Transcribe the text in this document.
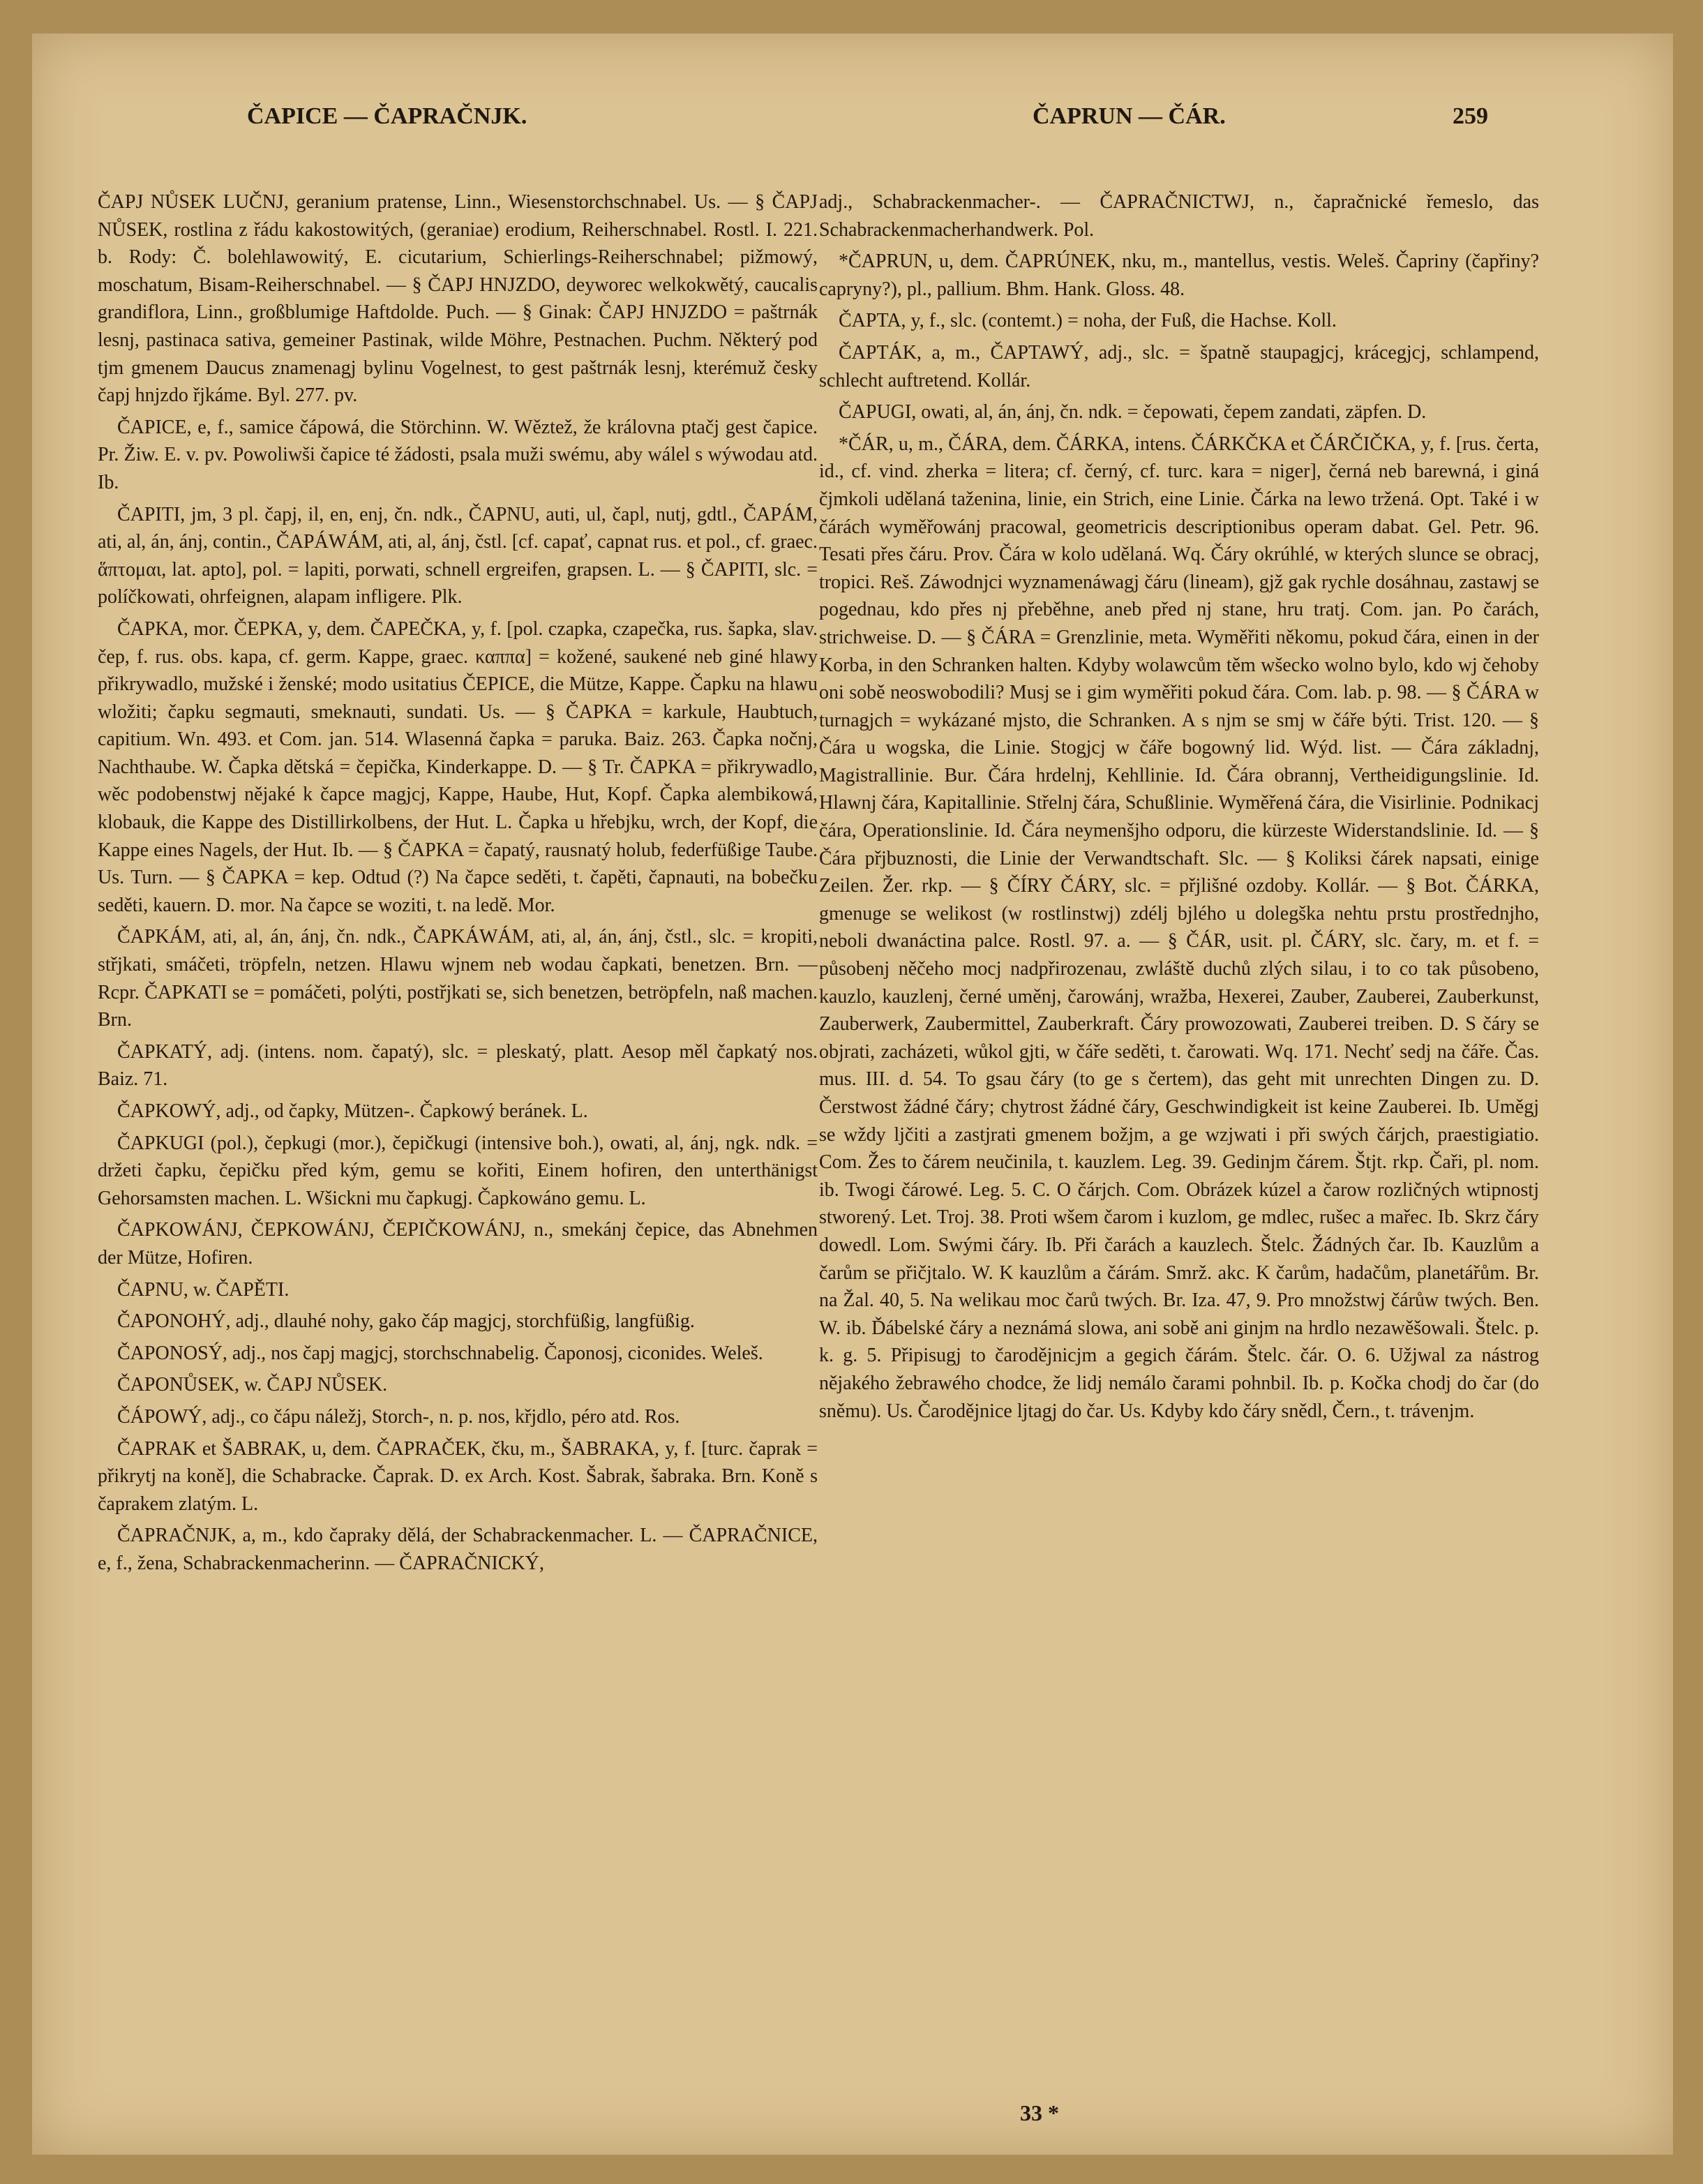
ČAPICE — ČAPRAČNJK.	ČAPRUN — ČÁR.	259

ČAPJ NŮSEK LUČNJ, geranium pratense, Linn., Wiesenstorchschnabel. Us. — § ČAPJ NŮSEK, rostlina z řádu kakostowitých, (geraniae) erodium, Reiherschnabel. Rostl. I. 221. b. Rody: Č. bolehlawowitý, E. cicutarium, Schierlings-Reiherschnabel; pižmowý, moschatum, Bisam-Reiherschnabel. — § ČAPJ HNJZDO, deyworec welkokwětý, caucalis grandiflora, Linn., großblumige Haftdolde. Puch. — § Ginak: ČAPJ HNJZDO = paštrnák lesnj, pastinaca sativa, gemeiner Pastinak, wilde Möhre, Pestnachen. Puchm. Některý pod tjm gmenem Daucus znamenagj bylinu Vogelnest, to gest paštrnák lesnj, kterémuž česky čapj hnjzdo řjkáme. Byl. 277. pv.

ČAPICE, e, f., samice čápowá, die Störchinn. W. Wěztež, že královna ptačj gest čapice. Pr. Žiw. E. v. pv. Powoliwši čapice té žádosti, psala muži swému, aby wálel s wýwodau atd. Ib.

ČAPITI, jm, 3 pl. čapj, il, en, enj, čn. ndk., ČAPNU, auti, ul, čapl, nutj, gdtl., ČAPÁM, ati, al, án, ánj, contin., ČAPÁWÁM, ati, al, ánj, čstl. [cf. capať, capnat rus. et pol., cf. graec. ἅπτομαι, lat. apto], pol. = lapiti, porwati, schnell ergreifen, grapsen. L. — § ČAPITI, slc. = políčkowati, ohrfeignen, alapam infligere. Plk.

ČAPKA, mor. ČEPKA, y, dem. ČAPEČKA, y, f. [pol. czapka, czapečka, rus. šapka, slav. čep, f. rus. obs. kapa, cf. germ. Kappe, graec. καππα] = kožené, saukené neb giné hlawy přikrywadlo, mužské i ženské; modo usitatius ČEPICE, die Mütze, Kappe. Čapku na hlawu wložiti; čapku segmauti, smeknauti, sundati. Us. — § ČAPKA = karkule, Haubtuch, capitium. Wn. 493. et Com. jan. 514. Wlasenná čapka = paruka. Baiz. 263. Čapka nočnj, Nachthaube. W. Čapka dětská = čepička, Kinderkappe. D. — § Tr. ČAPKA = přikrywadlo, wěc podobenstwj nějaké k čapce magjcj, Kappe, Haube, Hut, Kopf. Čapka alembikowá, klobauk, die Kappe des Distillirkolbens, der Hut. L. Čapka u hřebjku, wrch, der Kopf, die Kappe eines Nagels, der Hut. Ib. — § ČAPKA = čapatý, rausnatý holub, federfüßige Taube. Us. Turn. — § ČAPKA = kep. Odtud (?) Na čapce seděti, t. čapěti, čapnauti, na bobečku seděti, kauern. D. mor. Na čapce se woziti, t. na ledě. Mor.

ČAPKÁM, ati, al, án, ánj, čn. ndk., ČAPKÁWÁM, ati, al, án, ánj, čstl., slc. = kropiti, střjkati, smáčeti, tröpfeln, netzen. Hlawu wjnem neb wodau čapkati, benetzen. Brn. — Rcpr. ČAPKATI se = pomáčeti, polýti, postřjkati se, sich benetzen, betröpfeln, naß machen. Brn.

ČAPKATÝ, adj. (intens. nom. čapatý), slc. = pleskatý, platt. Aesop měl čapkatý nos. Baiz. 71.

ČAPKOWÝ, adj., od čapky, Mützen-. Čapkowý beránek. L.

ČAPKUGI (pol.), čepkugi (mor.), čepičkugi (intensive boh.), owati, al, ánj, ngk. ndk. = držeti čapku, čepičku před kým, gemu se kořiti, Einem hofiren, den unterthänigst Gehorsamsten machen. L. Wšickni mu čapkugj. Čapkowáno gemu. L.

ČAPKOWÁNJ, ČEPKOWÁNJ, ČEPIČKOWÁNJ, n., smekánj čepice, das Abnehmen der Mütze, Hofiren.

ČAPNU, w. ČAPĚTI.

ČAPONOHÝ, adj., dlauhé nohy, gako čáp magjcj, storchfüßig, langfüßig.

ČAPONOSÝ, adj., nos čapj magjcj, storchschnabelig. Čaponosj, ciconides. Weleš.

ČAPONŮSEK, w. ČAPJ NŮSEK.

ČÁPOWÝ, adj., co čápu náležj, Storch-, n. p. nos, křjdlo, péro atd. Ros.

ČAPRAK et ŠABRAK, u, dem. ČAPRAČEK, čku, m., ŠABRAKA, y, f. [turc. čaprak = přikrytj na koně], die Schabracke. Čaprak. D. ex Arch. Kost. Šabrak, šabraka. Brn. Koně s čaprakem zlatým. L.

ČAPRAČNJK, a, m., kdo čapraky dělá, der Schabrackenmacher. L. — ČAPRAČNICE, e, f., žena, Schabrackenmacherinn. — ČAPRAČNICKÝ,

adj., Schabrackenmacher-. — ČAPRAČNICTWJ, n., čaprаčnické řemeslo, das Schabrackenmacherhandwerk. Pol.

*ČAPRUN, u, dem. ČAPRÚNEK, nku, m., mantellus, vestis. Weleš. Čapriny (čapřiny? capryny?), pl., pallium. Bhm. Hank. Gloss. 48.

ČAPTA, y, f., slc. (contemt.) = noha, der Fuß, die Hachse. Koll.

ČAPTÁK, a, m., ČAPTAWÝ, adj., slc. = špatně staupagjcj, krácegjcj, schlampend, schlecht auftretend. Kollár.

ČAPUGI, owati, al, án, ánj, čn. ndk. = čepowati, čepem zandati, zäpfen. D.

*ČÁR, u, m., ČÁRA, dem. ČÁRKA, intens. ČÁRKČKA et ČÁRČIČKA, y, f. [rus. čerta, id., cf. vind. zherka = litera; cf. černý, cf. turc. kara = niger], černá neb barewná, i giná čjmkoli udělaná taženina, linie, ein Strich, eine Linie. Čárka na lewo tržená. Opt. Také i w čárách wyměřowánj pracowal, geometricis descriptionibus operam dabat. Gel. Petr. 96. Tesati přes čáru. Prov. Čára w kolo udělaná. Wq. Čáry okrúhlé, w kterých slunce se obracj, tropici. Reš. Záwodnjci wyznamenáwagj čáru (lineam), gjž gak rychle dosáhnau, zastawj se pogednau, kdo přes nj přeběhne, aneb před nj stane, hru tratj. Com. jan. Po čarách, strichweise. D. — § ČÁRA = Grenzlinie, meta. Wyměřiti někomu, pokud čára, einen in der Korba, in den Schranken halten. Kdyby wolawcům těm wšecko wolno bylo, kdo wj čehoby oni sobě neoswobodili? Musj se i gim wyměřiti pokud čára. Com. lab. p. 98. — § ČÁRA w turnagjch = wykázané mjsto, die Schranken. A s njm se smj w čáře býti. Trist. 120. — § Čára u wogska, die Linie. Stogjcj w čáře bogowný lid. Wýd. list. — Čára základnj, Magistrallinie. Bur. Čára hrdelnj, Kehllinie. Id. Čára obrannj, Vertheidigungslinie. Id. Hlawnj čára, Kapitallinie. Střelnj čára, Schußlinie. Wyměřená čára, die Visirlinie. Podnikacj čára, Operationslinie. Id. Čára neymenšjho odporu, die kürzeste Widerstandslinie. Id. — § Čára přjbuznosti, die Linie der Verwandtschaft. Slc. — § Koliksi čárek napsati, einige Zeilen. Žer. rkp. — § ČÍRY ČÁRY, slc. = přjlišné ozdoby. Kollár. — § Bot. ČÁRKA, gmenuge se welikost (w rostlinstwj) zdélj bjlého u dolegška nehtu prstu prostřednjho, neboli dwanáctina palce. Rostl. 97. a. — § ČÁR, usit. pl. ČÁRY, slc. čary, m. et f. = působenj něčeho mocj nadpřirozenau, zwláště duchů zlých silau, i to co tak působeno, kauzlo, kauzlenj, černé uměnj, čarowánj, wražba, Hexerei, Zauber, Zauberei, Zauberkunst, Zauberwerk, Zaubermittel, Zauberkraft. Čáry prowozowati, Zauberei treiben. D. S čáry se objrati, zacházeti, wůkol gjti, w čáře seděti, t. čarowati. Wq. 171. Nechť sedj na čáře. Čas. mus. III. d. 54. To gsau čáry (to ge s čertem), das geht mit unrechten Dingen zu. D. Čerstwost žádné čáry; chytrost žádné čáry, Geschwindigkeit ist keine Zauberei. Ib. Uměgj se wždy ljčiti a zastjrati gmenem božjm, a ge wzjwati i při swých čárjch, praestigiatio. Com. Žes to čárem neučinila, t. kauzlem. Leg. 39. Gedinjm čárem. Štjt. rkp. Čaři, pl. nom. ib. Twogi čárowé. Leg. 5. C. O čárjch. Com. Obrázek kúzel a čarow rozličných wtipnostj stworený. Let. Troj. 38. Proti wšem čarom i kuzlom, ge mdlec, rušec a mařec. Ib. Skrz čáry dowedl. Lom. Swými čáry. Ib. Při čarách a kauzlech. Štelc. Žádných čar. Ib. Kauzlům a čarům se přičjtalo. W. K kauzlům a čárám. Smrž. akc. K čarům, hadačům, planetářům. Br. na Žal. 40, 5. Na welikau moc čarů twých. Br. Iza. 47, 9. Pro množstwj čárůw twých. Ben. W. ib. Ďábelské čáry a neznámá slowa, ani sobě ani ginjm na hrdlo nezawěšowali. Štelc. p. k. g. 5. Připisugj to čarodějnicjm a gegich čárám. Štelc. čár. O. 6. Užjwal za nástrog nějakého žebrawého chodce, že lidj nemálo čarami pohnbil. Ib. p. Kočka chodj do čar (do sněmu). Us. Čarodějnice ljtagj do čar. Us. Kdyby kdo čáry snědl, Čern., t. trávenjm.

33 *
